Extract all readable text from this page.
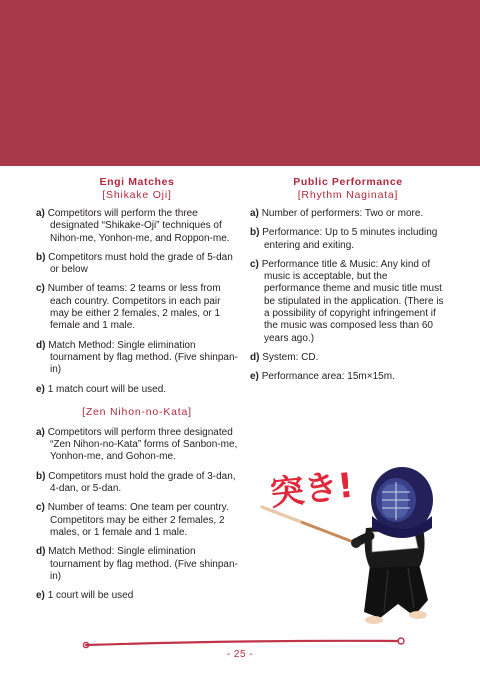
Engi Matches
[Shikake Oji]
a) Competitors will perform the three designated “Shikake-Oji” techniques of Nihon-me, Yonhon-me, and Roppon-me.
b) Competitors must hold the grade of 5-dan or below
c) Number of teams: 2 teams or less from each country. Competitors in each pair may be either 2 females, 2 males, or 1 female and 1 male.
d) Match Method: Single elimination tournament by flag method. (Five shinpan-in)
e) 1 match court will be used.
[Zen Nihon-no-Kata]
a) Competitors will perform three designated “Zen Nihon-no-Kata” forms of Sanbon-me, Yonhon-me, and Gohon-me.
b) Competitors must hold the grade of 3-dan, 4-dan, or 5-dan.
c) Number of teams: One team per country. Competitors may be either 2 females, 2 males, or 1 female and 1 male.
d) Match Method: Single elimination tournament by flag method. (Five shinpan-in)
e) 1 court will be used
Public Performance
[Rhythm Naginata]
a) Number of performers: Two or more.
b) Performance: Up to 5 minutes including entering and exiting.
c) Performance title & Music: Any kind of music is acceptable, but the performance theme and music title must be stipulated in the application. (There is a possibility of copyright infringement if the music was composed less than 60 years ago.)
d) System: CD.
e) Performance area: 15m×15m.
突き!
- 25 -
